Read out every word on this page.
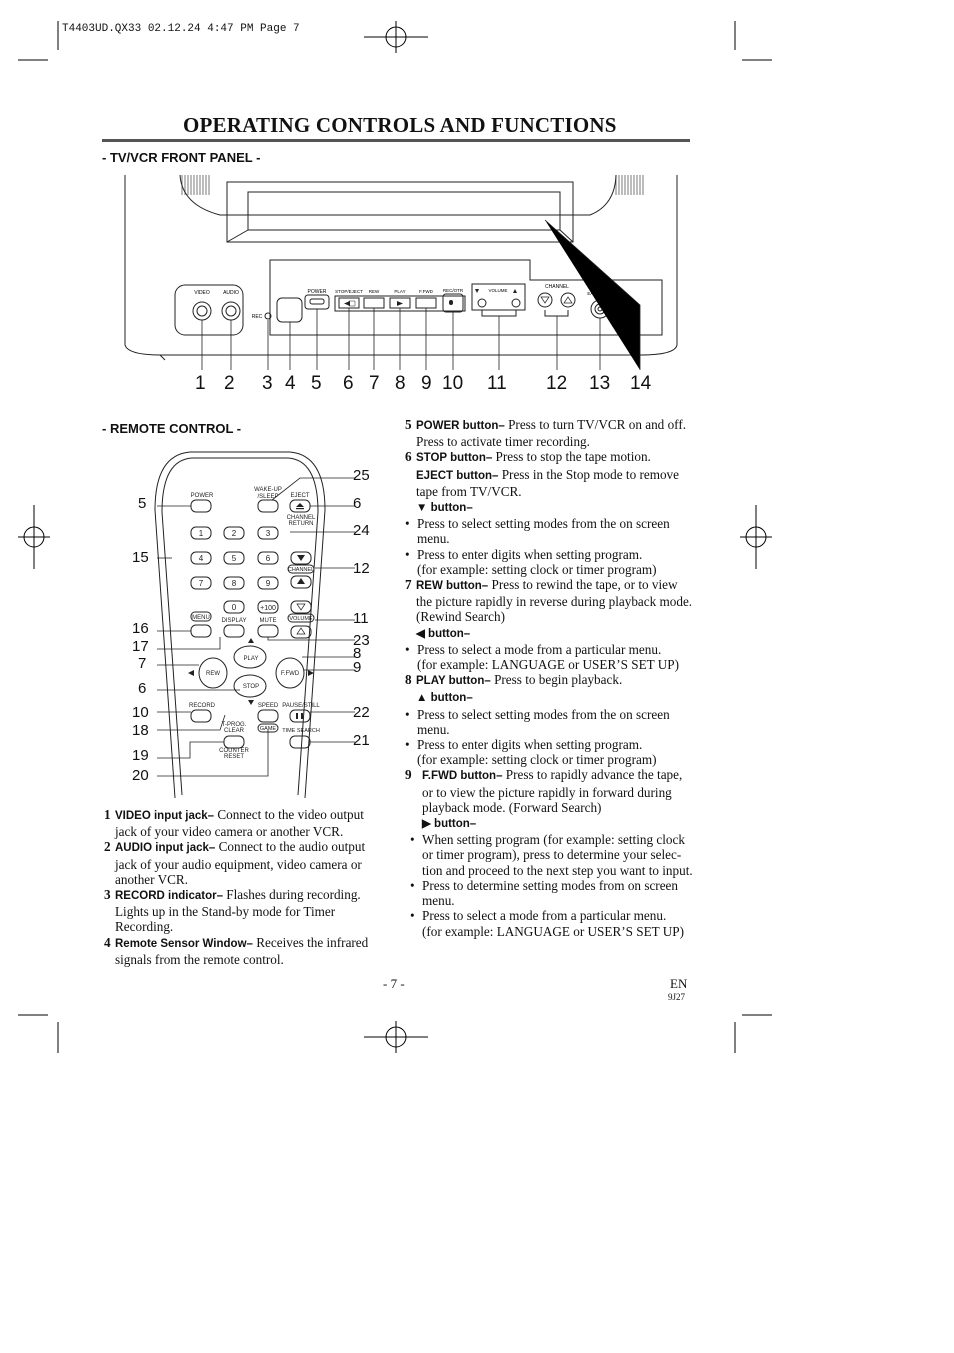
T4403UD.QX33 02.12.24 4:47 PM Page 7
OPERATING CONTROLS AND FUNCTIONS
- TV/VCR FRONT PANEL -
VIDEO	AUDIO
REC
POWER STOP/EJECT REW	PLAY	F.FWD REC/OTR	VOLUME
CHANNEL
EARPHONE
1 2 3 4 5 6 7 8 9 10 11 12 13 14
- REMOTE CONTROL -
POWER
WAKE-UP
/SLEEP EJECT
CHANNEL
RETURN
CHANNEL
VOLUME
MENU DISPLAY MUTE
+100
PLAY
REW	F.FWD
STOP
RECORD	SPEED PAUSE/STILL
T-PROG.
CLEAR	GAME TIME SEARCH
COUNTER
RESET
1	2	3
4	5	6
7	8	9
0
5
15
16
17
7
6
10
18
19
20
25
6
24
12
11
23
8
9
22
21

1 VIDEO input jack– Connect to the video output jack of your video camera or another VCR.

2 AUDIO input jack– Connect to the audio output jack of your audio equipment, video camera or another VCR.

3 RECORD indicator– Flashes during recording. Lights up in the Stand-by mode for Timer Recording.

4 Remote Sensor Window– Receives the infrared signals from the remote control.

5 POWER button– Press to turn TV/VCR on and off. Press to activate timer recording.

6 STOP button– Press to stop the tape motion.

EJECT button– Press in the Stop mode to remove tape from TV/VCR.

▼ button–

• Press to select setting modes from the on screen menu.

• Press to enter digits when setting program.

(for example: setting clock or timer program)

7 REW button– Press to rewind the tape, or to view the picture rapidly in reverse during playback mode. (Rewind Search)

◀ button–

• Press to select a mode from a particular menu.

(for example: LANGUAGE or USER’S SET UP)

8 PLAY button– Press to begin playback.

▲ button–

• Press to select setting modes from the on screen menu.

• Press to enter digits when setting program.

(for example: setting clock or timer program)

9 F.FWD button– Press to rapidly advance the tape, or to view the picture rapidly in forward during playback mode. (Forward Search)

▶ button–

• When setting program (for example: setting clock or timer program), press to determine your selec-tion and proceed to the next step you want to input.

• Press to determine setting modes from on screen menu.

• Press to select a mode from a particular menu.

(for example: LANGUAGE or USER’S SET UP)

- 7 -	EN
9J27
